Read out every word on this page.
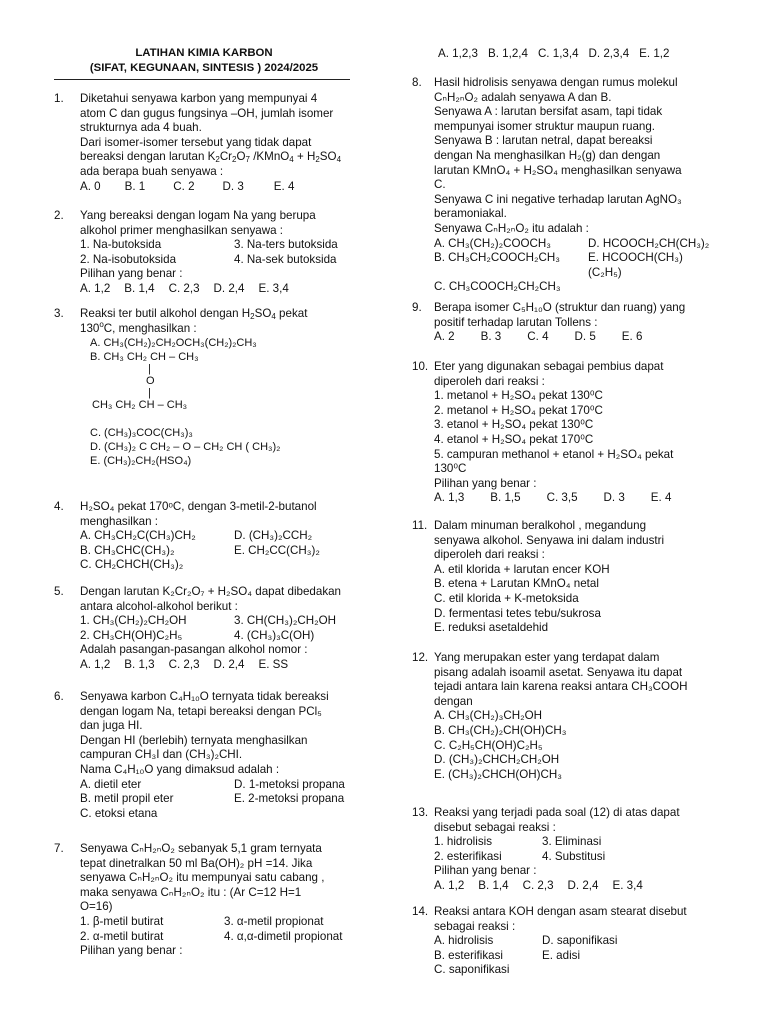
LATIHAN KIMIA KARBON
(SIFAT, KEGUNAAN, SINTESIS ) 2024/2025
1. Diketahui senyawa karbon yang mempunyai 4
atom C dan gugus fungsinya –OH, jumlah isomer
strukturnya ada 4 buah.
Dari isomer-isomer tersebut yang tidak dapat
bereaksi dengan larutan $K_2Cr_2O_7$ /KMnO$_4$ + $H_2SO_4$
ada berapa buah senyawa :
A. 0 B. 1 C. 2 D. 3	E. 4
2. Yang bereaksi dengan logam Na yang berupa
alkohol primer menghasilkan senyawa :
1. Na-butoksida	3. Na-ters butoksida
2. Na-isobutoksida	4. Na-sek butoksida
Pilihan yang benar :
A. 1,2 B. 1,4 C. 2,3 D. 2,4 E. 3,4
3. Reaksi ter butil alkohol dengan $H_2SO_4$ pekat
130$^o$C, menghasilkan :
A. CH₃(CH₂)₂CH₂OCH₃(CH₂)₂CH₃
B. CH₃ CH₂ CH – CH₃
|
O
|
CH₃ CH₂ CH – CH₃
C. (CH₃)₃COC(CH₃)₃
D. (CH₃)₂ C CH₂ – O – CH₂ CH ( CH₃)₂
E. (CH₃)₂CH₂(HSO₄)
4. H₂SO₄ pekat 170ᵒC, dengan 3-metil-2-butanol
menghasilkan :
A. CH₃CH₂C(CH₃)CH₂	D. (CH₃)₂CCH₂
B. CH₃CHC(CH₃)₂	E. CH₂CC(CH₃)₂
C. CH₂CHCH(CH₃)₂
5. Dengan larutan K₂Cr₂O₇ + H₂SO₄ dapat dibedakan
antara alcohol-alkohol berikut :
1. CH₃(CH₂)₂CH₂OH	3. CH(CH₃)₂CH₂OH
2. CH₃CH(OH)C₂H₅	4. (CH₃)₃C(OH)
Adalah pasangan-pasangan alkohol nomor :
A. 1,2 B. 1,3 C. 2,3 D. 2,4 E. SS
6. Senyawa karbon C₄H₁₀O ternyata tidak bereaksi
dengan logam Na, tetapi bereaksi dengan PCl₅
dan juga HI.
Dengan HI (berlebih) ternyata menghasilkan
campuran CH₃I dan (CH₃)₂CHI.
Nama C₄H₁₀O yang dimaksud adalah :
A. dietil eter	D. 1-metoksi propana
B. metil propil eter	E. 2-metoksi propana
C. etoksi etana
7. Senyawa CₙH₂ₙO₂ sebanyak 5,1 gram ternyata
tepat dinetralkan 50 ml Ba(OH)₂ pH =14. Jika
senyawa CₙH₂ₙO₂ itu mempunyai satu cabang ,
maka senyawa CₙH₂ₙO₂ itu : (Ar C=12 H=1
O=16)
1. β-metil butirat	3. α-metil propionat
2. α-metil butirat	4. α,α-dimetil propionat
Pilihan yang benar :
A. 1,2,3 B. 1,2,4 C. 1,3,4 D. 2,3,4 E. 1,2
8. Hasil hidrolisis senyawa dengan rumus molekul
CₙH₂ₙO₂ adalah senyawa A dan B.
Senyawa A : larutan bersifat asam, tapi tidak
mempunyai isomer struktur maupun ruang.
Senyawa B : larutan netral, dapat bereaksi
dengan Na menghasilkan H₂(g) dan dengan
larutan KMnO₄ + H₂SO₄ menghasilkan senyawa
C.
Senyawa C ini negative terhadap larutan AgNO₃
beramoniakal.
Senyawa CₙH₂ₙO₂ itu adalah :
A. CH₃(CH₂)₂COOCH₃	D. HCOOCH₂CH(CH₃)₂
B. CH₃CH₂COOCH₂CH₃	E. HCOOCH(CH₃)(C₂H₅)
C. CH₃COOCH₂CH₂CH₃
9. Berapa isomer C₅H₁₀O (struktur dan ruang) yang
positif terhadap larutan Tollens :
A. 2 B. 3 C. 4 D. 5 E. 6
10. Eter yang digunakan sebagai pembius dapat
diperoleh dari reaksi :
1. metanol + H₂SO₄ pekat 130⁰C
2. metanol + H₂SO₄ pekat 170⁰C
3. etanol + H₂SO₄ pekat 130⁰C
4. etanol + H₂SO₄ pekat 170⁰C
5. campuran methanol + etanol + H₂SO₄ pekat
130⁰C
Pilihan yang benar :
A. 1,3 B. 1,5 C. 3,5 D. 3 E. 4
11. Dalam minuman beralkohol , megandung
senyawa alkohol. Senyawa ini dalam industri
diperoleh dari reaksi :
A. etil klorida + larutan encer KOH
B. etena + Larutan KMnO₄ netal
C. etil klorida + K-metoksida
D. fermentasi tetes tebu/sukrosa
E. reduksi asetaldehid
12. Yang merupakan ester yang terdapat dalam
pisang adalah isoamil asetat. Senyawa itu dapat
tejadi antara lain karena reaksi antara CH₃COOH
dengan
A. CH₃(CH₂)₃CH₂OH
B. CH₃(CH₂)₂CH(OH)CH₃
C. C₂H₅CH(OH)C₂H₅
D. (CH₃)₂CHCH₂CH₂OH
E. (CH₃)₂CHCH(OH)CH₃
13. Reaksi yang terjadi pada soal (12) di atas dapat
disebut sebagai reaksi :
1. hidrolisis	3. Eliminasi
2. esterifikasi	4. Substitusi
Pilihan yang benar :
A. 1,2 B. 1,4 C. 2,3 D. 2,4 E. 3,4
14. Reaksi antara KOH dengan asam stearat disebut
sebagai reaksi :
A. hidrolisis	D. saponifikasi
B. esterifikasi	E. adisi
C. saponifikasi
